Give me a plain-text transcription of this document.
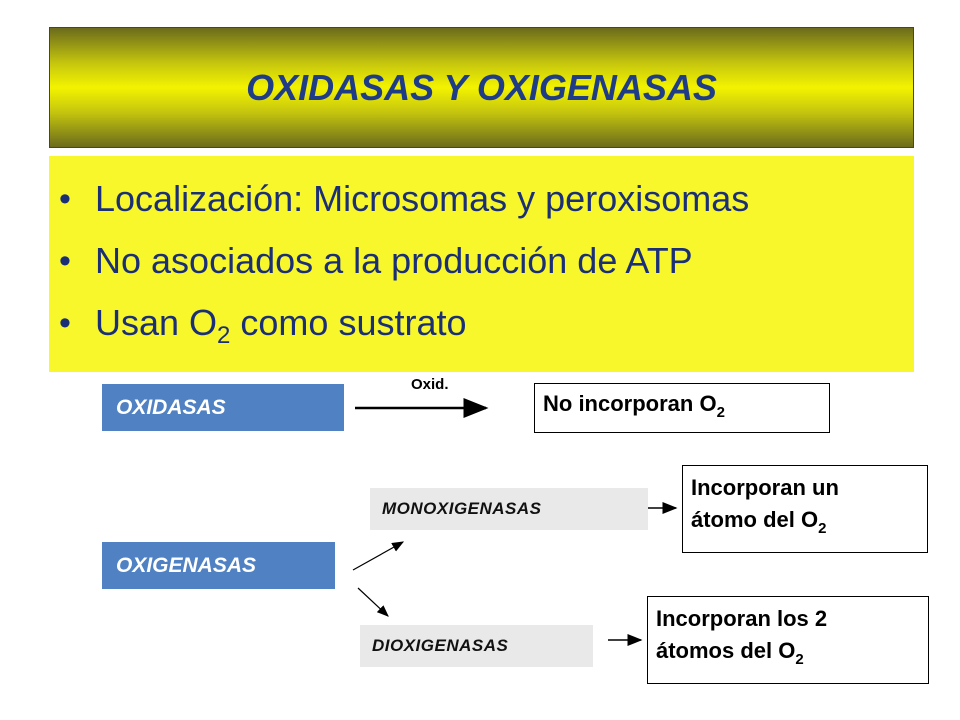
OXIDASAS Y OXIGENASAS
• Localización: Microsomas y peroxisomas
• No asociados a la producción de ATP
• Usan $O_2$ como sustrato
OXIDASAS
Oxid.
No incorporan $O_2$
OXIGENASAS
MONOXIGENASAS
Incorporan un
átomo del $O_2$
DIOXIGENASAS
Incorporan los 2
átomos del $O_2$
